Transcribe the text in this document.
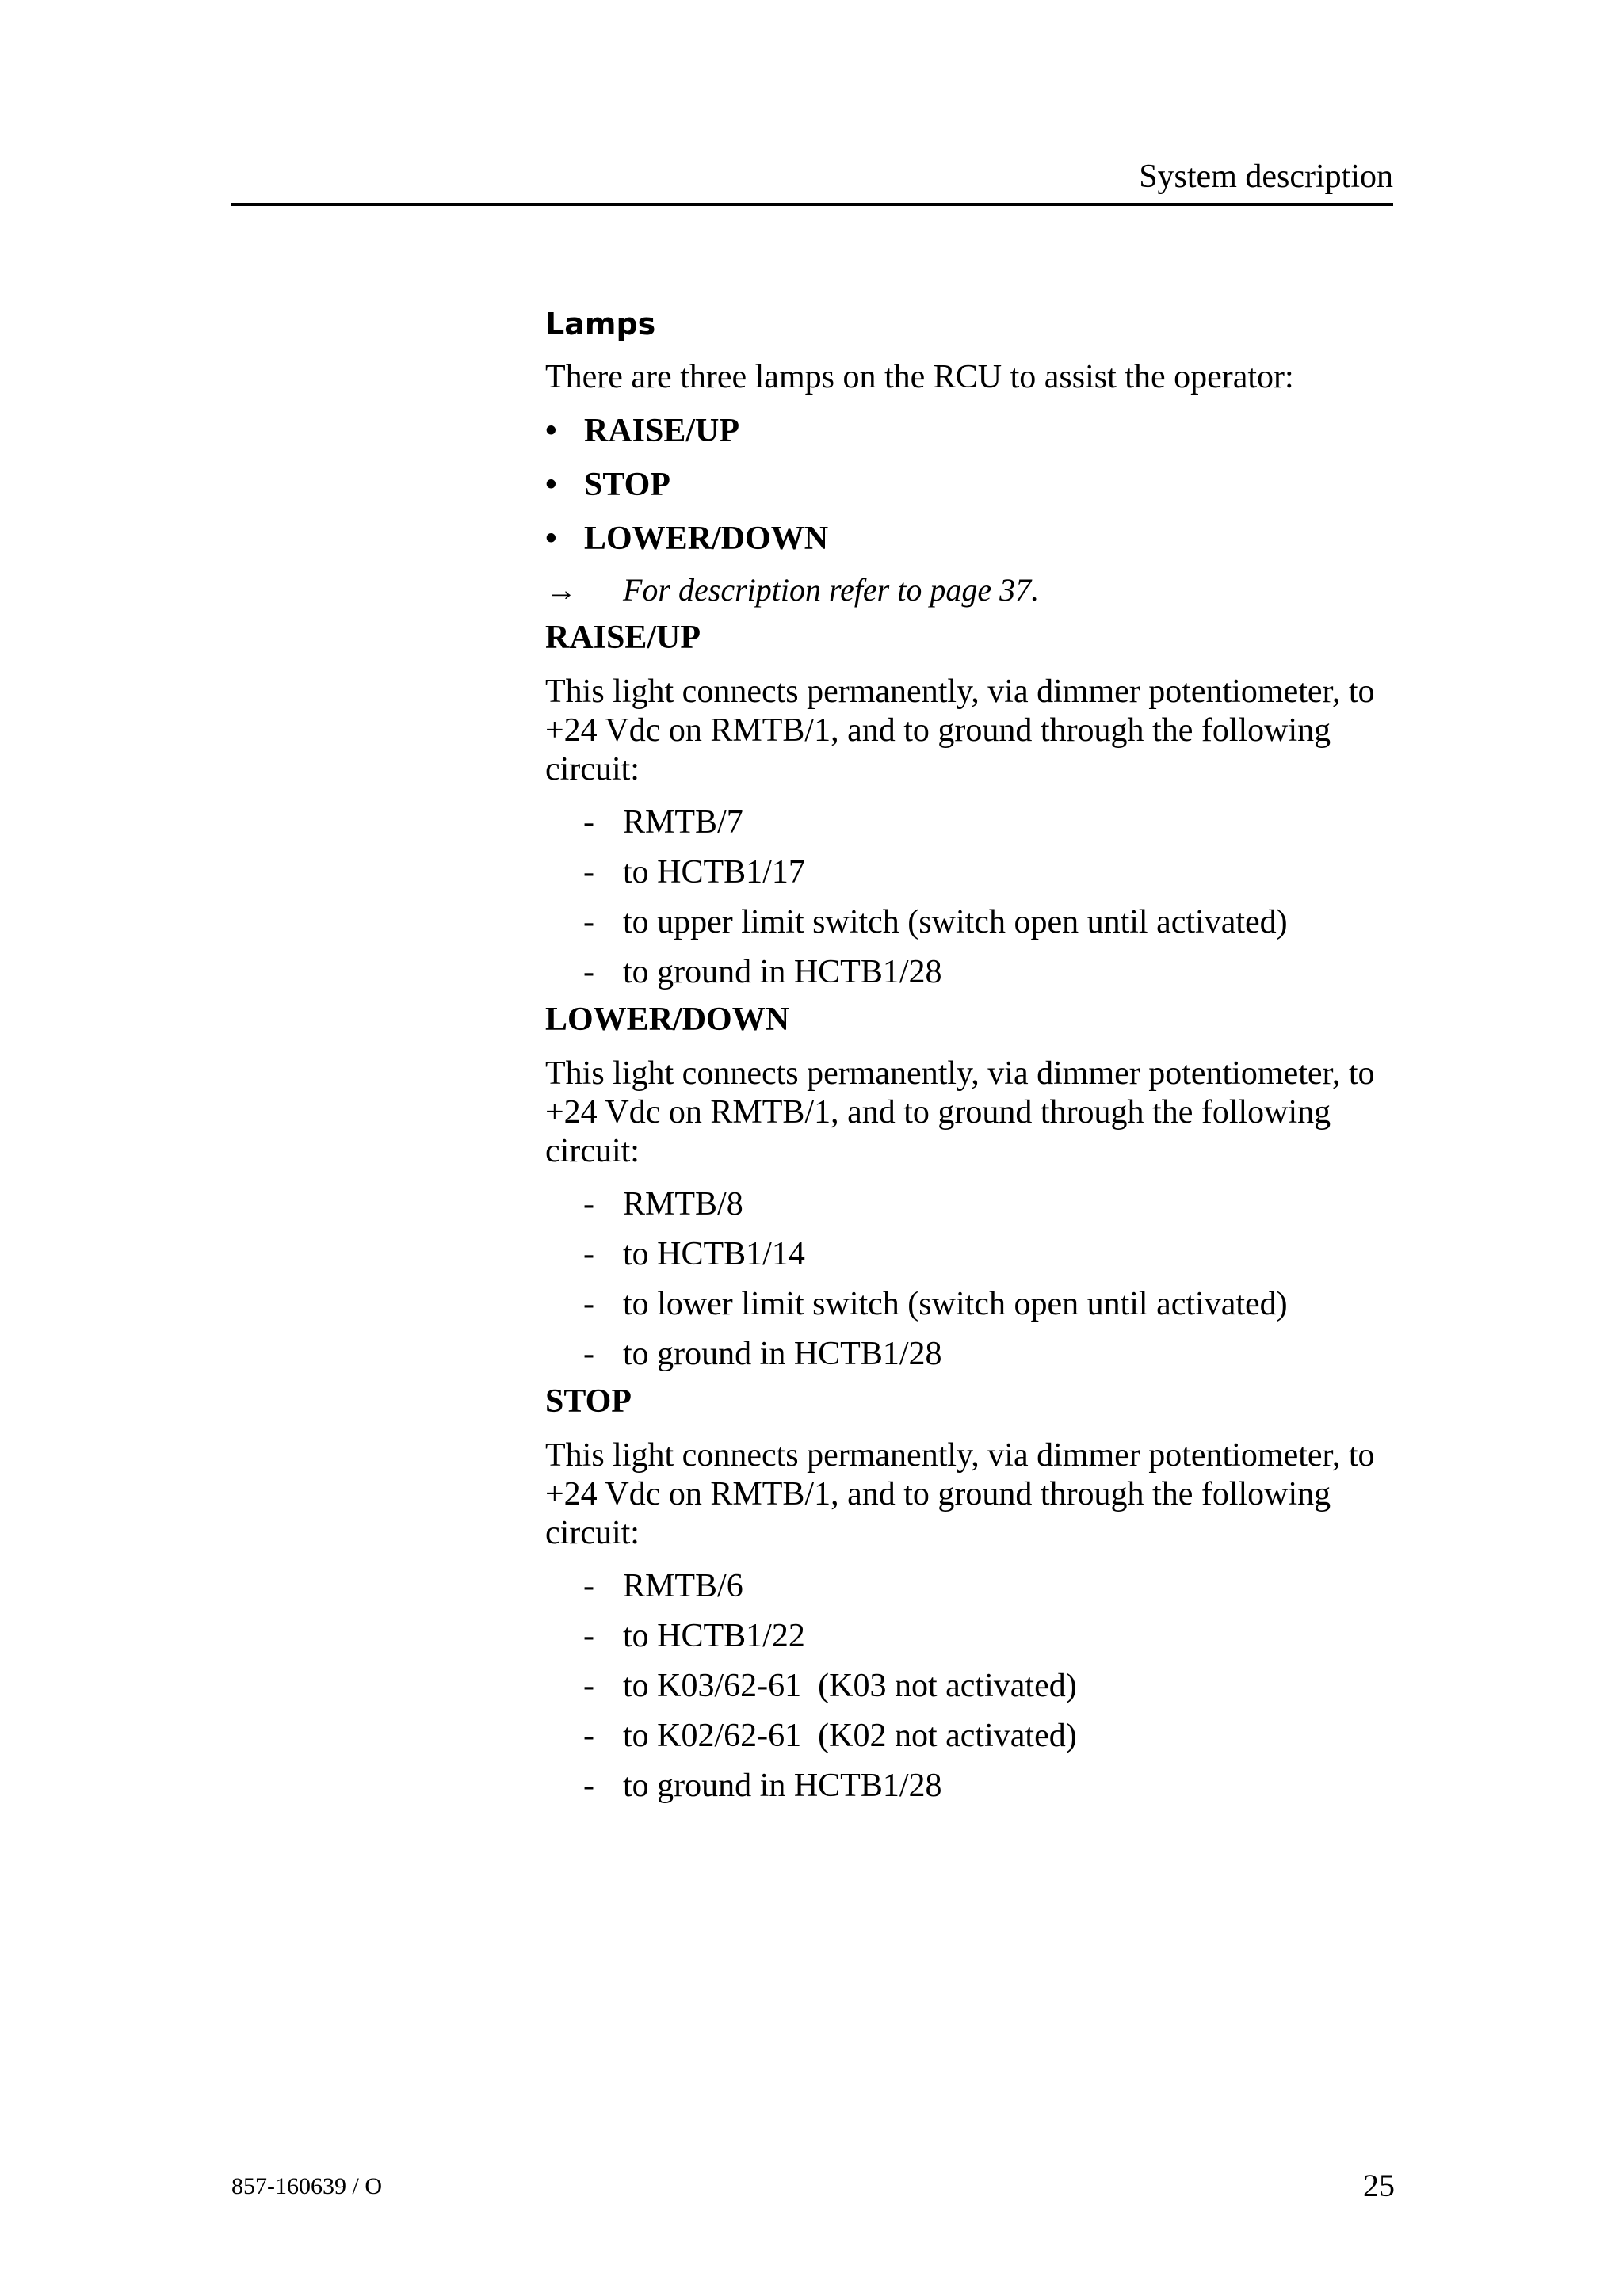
System description
Lamps

There are three lamps on the RCU to assist the operator:

• RAISE/UP
• STOP
• LOWER/DOWN
→ For description refer to page 37.
RAISE/UP

This light connects permanently, via dimmer potentiometer, to +24 Vdc on RMTB/1, and to ground through the following circuit:

- RMTB/7
- to HCTB1/17
- to upper limit switch (switch open until activated)
- to ground in HCTB1/28
LOWER/DOWN

This light connects permanently, via dimmer potentiometer, to +24 Vdc on RMTB/1, and to ground through the following circuit:

- RMTB/8
- to HCTB1/14
- to lower limit switch (switch open until activated)
- to ground in HCTB1/28
STOP

This light connects permanently, via dimmer potentiometer, to +24 Vdc on RMTB/1, and to ground through the following circuit:

- RMTB/6
- to HCTB1/22
- to K03/62-61  (K03 not activated)
- to K02/62-61  (K02 not activated)
- to ground in HCTB1/28
857-160639 / O	25
